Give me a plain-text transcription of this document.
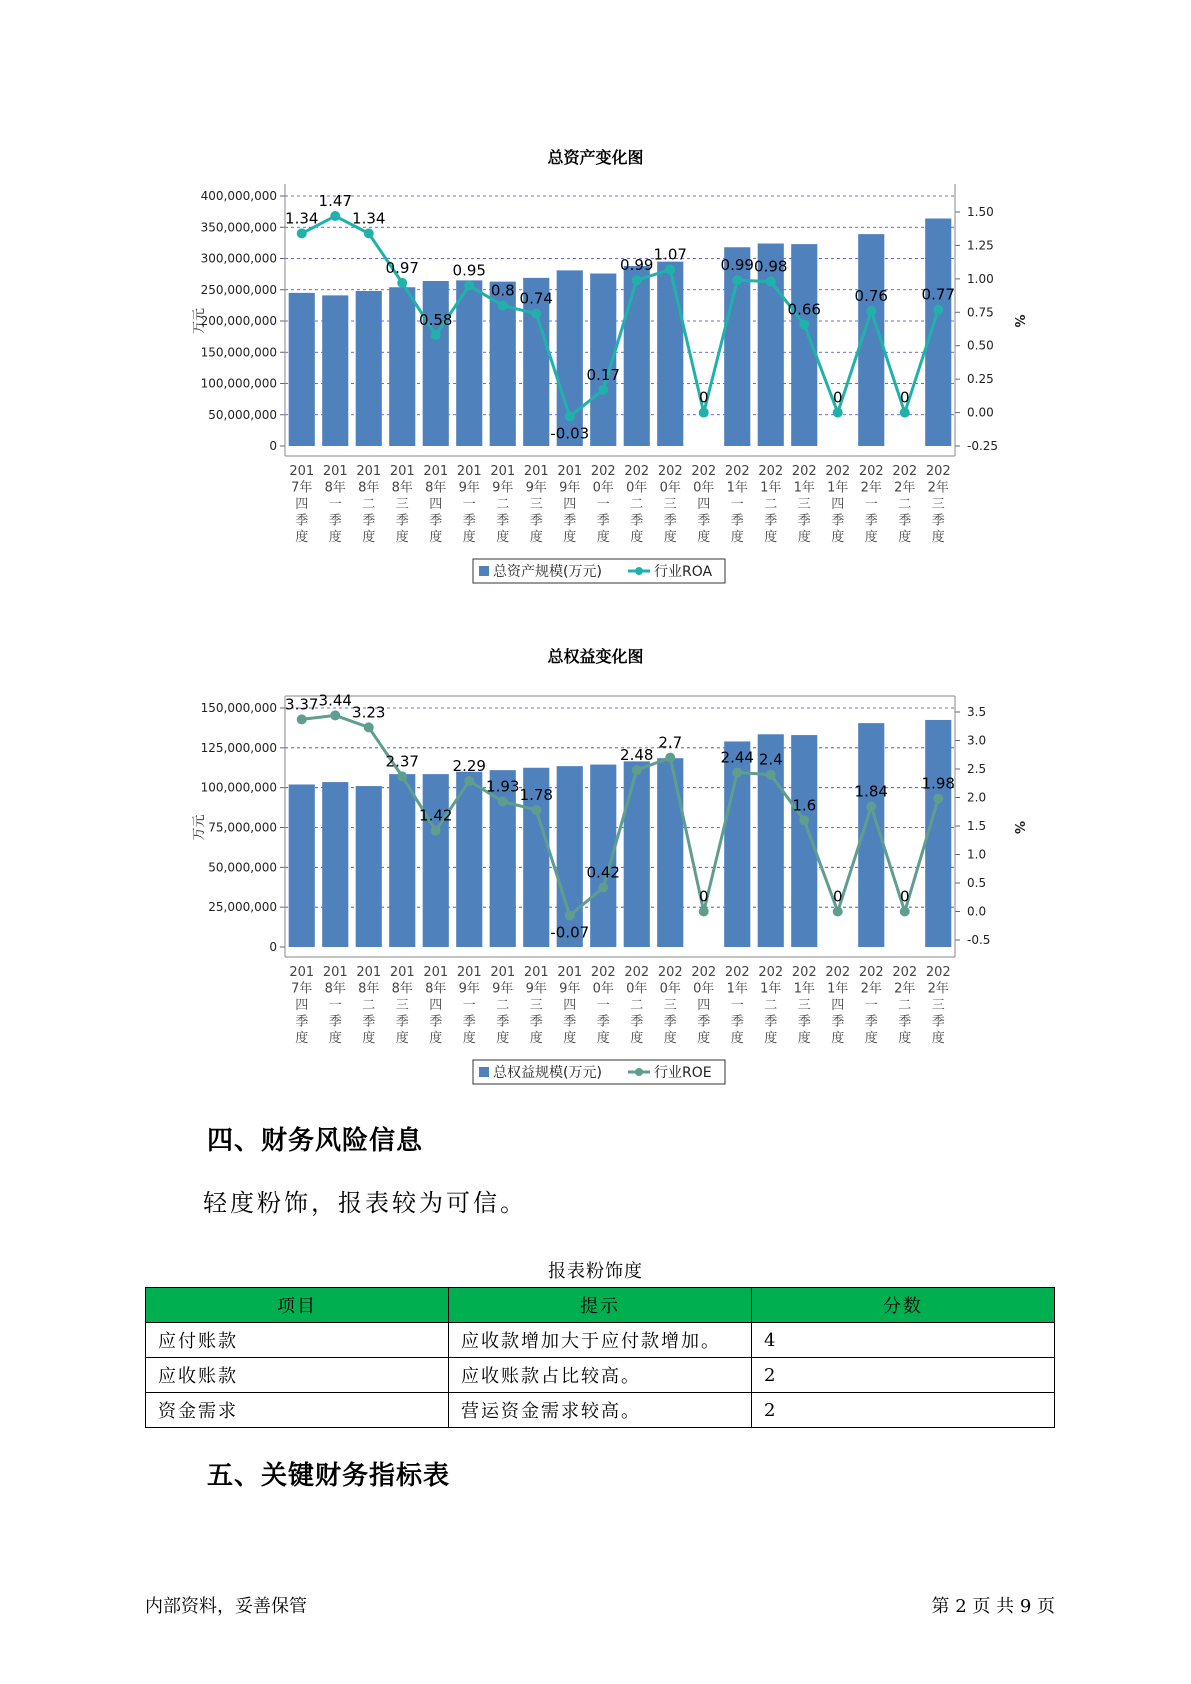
总资产变化图
0
50,000,000
100,000,000
150,000,000
200,000,000
250,000,000
300,000,000
350,000,000
400,000,000
-0.25
0.00
0.25
0.50
0.75
1.00
1.25
1.50
万元	%
1.34
1.47
1.34
0.97
0.58
0.95
0.8 0.74
-0.03
0.17
0.99
1.07
0
0.99 0.98
0.66
0
0.76
0
0.77
201
7年
四
季
度
201
8年
一
季
度
201
8年
二
季
度
201
8年
三
季
度
201
8年
四
季
度
201
9年
一
季
度
201
9年
二
季
度
201
9年
三
季
度
201
9年
四
季
度
202
0年
一
季
度
202
0年
二
季
度
202
0年
三
季
度
202
0年
四
季
度
202
1年
一
季
度
202
1年
二
季
度
202
1年
三
季
度
202
1年
四
季
度
202
2年
一
季
度
202
2年
二
季
度
202
2年
三
季
度
总资产规模(万元)	行业ROA
总权益变化图
0
25,000,000
50,000,000
75,000,000
100,000,000
125,000,000
150,000,000
-0.5
0.0
0.5
1.0
1.5
2.0
2.5
3.0
3.5
万元	%
3.37 3.44
3.23
2.37
1.42
2.29
1.93 1.78
-0.07
0.42
2.48
2.7
0
2.44 2.4
1.6
0
1.84
0
1.98
201
7年
四
季
度
201
8年
一
季
度
201
8年
二
季
度
201
8年
三
季
度
201
8年
四
季
度
201
9年
一
季
度
201
9年
二
季
度
201
9年
三
季
度
201
9年
四
季
度
202
0年
一
季
度
202
0年
二
季
度
202
0年
三
季
度
202
0年
四
季
度
202
1年
一
季
度
202
1年
二
季
度
202
1年
三
季
度
202
1年
四
季
度
202
2年
一
季
度
202
2年
二
季
度
202
2年
三
季
度
总权益规模(万元)	行业ROE
四、财务风险信息
轻度粉饰，报表较为可信。
报表粉饰度
项目	提示	分数
应付账款	应收款增加大于应付款增加。	4
应收账款	应收账款占比较高。	2
资金需求	营运资金需求较高。	2
五、关键财务指标表
内部资料，妥善保管	第 2 页 共 9 页
